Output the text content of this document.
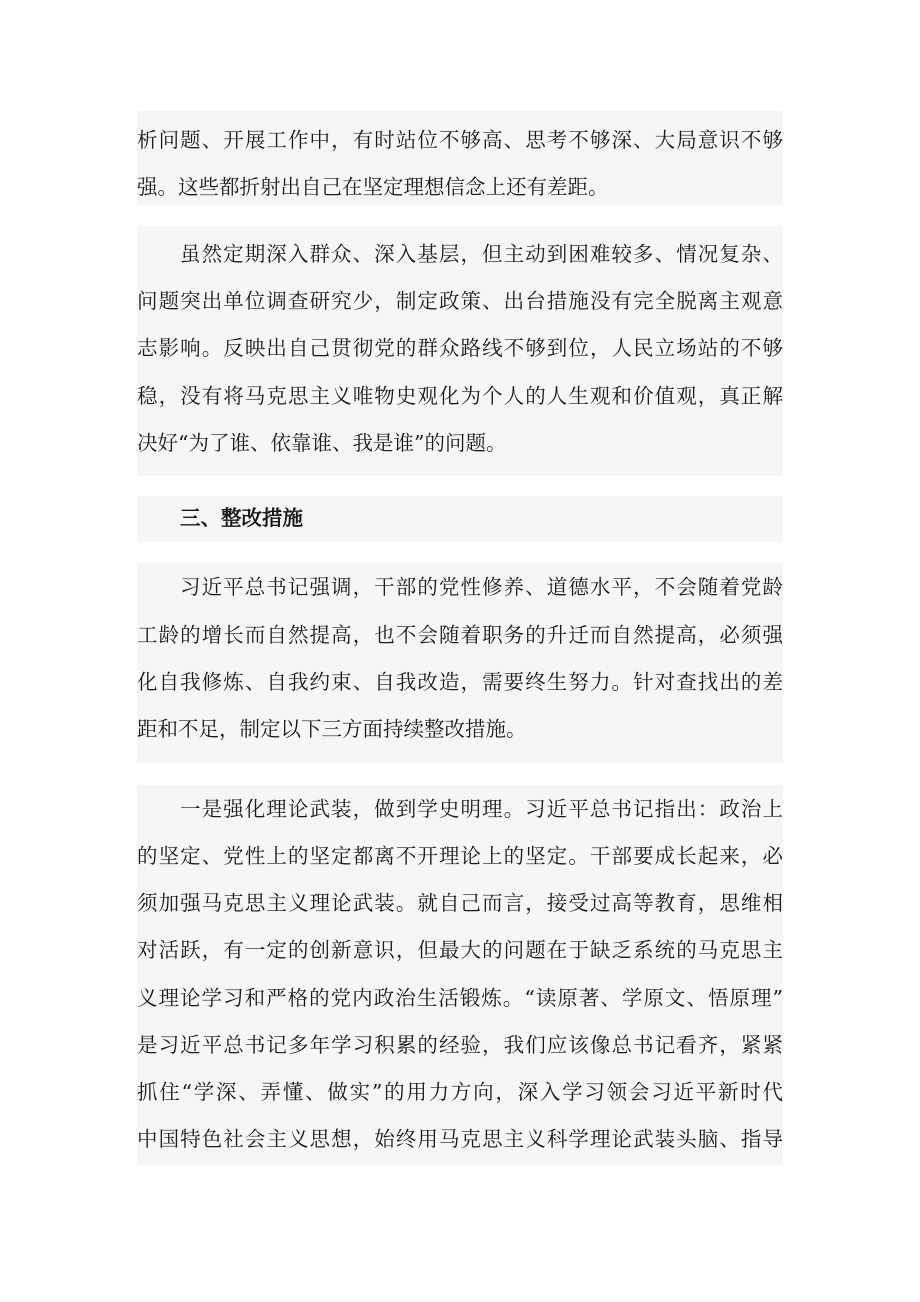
析问题、开展工作中，有时站位不够高、思考不够深、大局意识不够
强。这些都折射出自己在坚定理想信念上还有差距。
虽然定期深入群众、深入基层，但主动到困难较多、情况复杂、
问题突出单位调查研究少，制定政策、出台措施没有完全脱离主观意
志影响。反映出自己贯彻党的群众路线不够到位，人民立场站的不够
稳，没有将马克思主义唯物史观化为个人的人生观和价值观，真正解
决好“为了谁、依靠谁、我是谁”的问题。
三、整改措施
习近平总书记强调，干部的党性修养、道德水平，不会随着党龄
工龄的增长而自然提高，也不会随着职务的升迁而自然提高，必须强
化自我修炼、自我约束、自我改造，需要终生努力。针对查找出的差
距和不足，制定以下三方面持续整改措施。
一是强化理论武装，做到学史明理。习近平总书记指出：政治上
的坚定、党性上的坚定都离不开理论上的坚定。干部要成长起来，必
须加强马克思主义理论武装。就自己而言，接受过高等教育，思维相
对活跃，有一定的创新意识，但最大的问题在于缺乏系统的马克思主
义理论学习和严格的党内政治生活锻炼。“读原著、学原文、悟原理”
是习近平总书记多年学习积累的经验，我们应该像总书记看齐，紧紧
抓住“学深、弄懂、做实”的用力方向，深入学习领会习近平新时代
中国特色社会主义思想，始终用马克思主义科学理论武装头脑、指导
